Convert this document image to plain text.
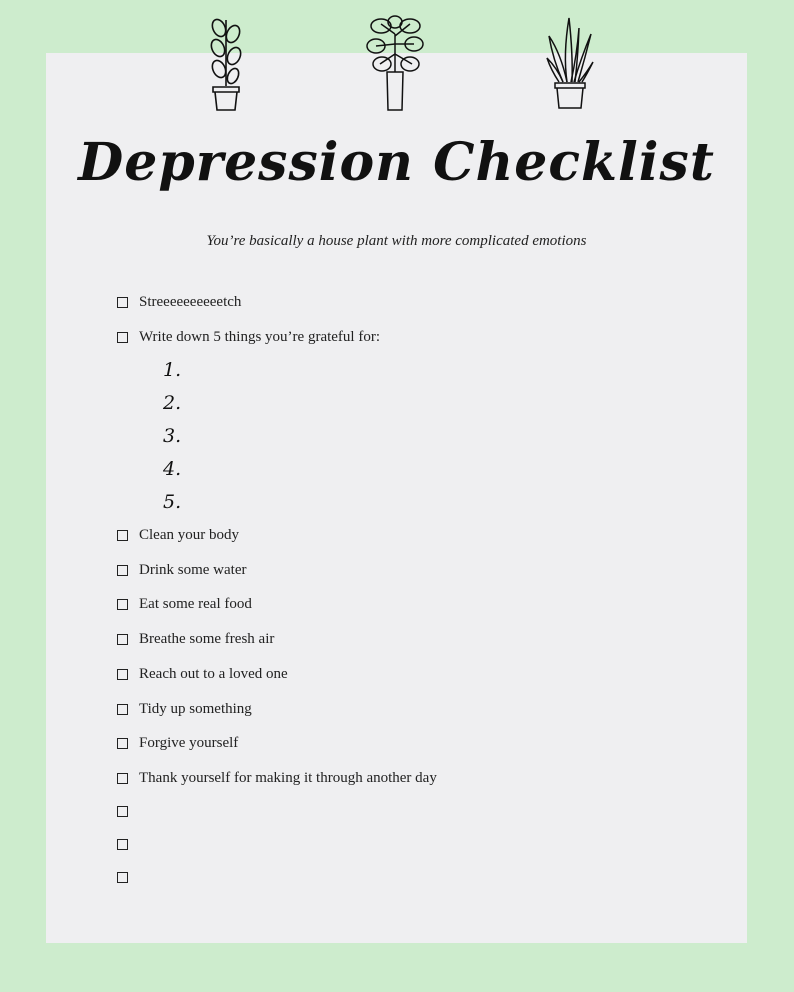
Depression Checklist
You’re basically a house plant with more complicated emotions
Streeeeeeeeeetch
Write down 5 things you’re grateful for:
1.
2.
3.
4.
5.
Clean your body
Drink some water
Eat some real food
Breathe some fresh air
Reach out to a loved one
Tidy up something
Forgive yourself
Thank yourself for making it through another day
